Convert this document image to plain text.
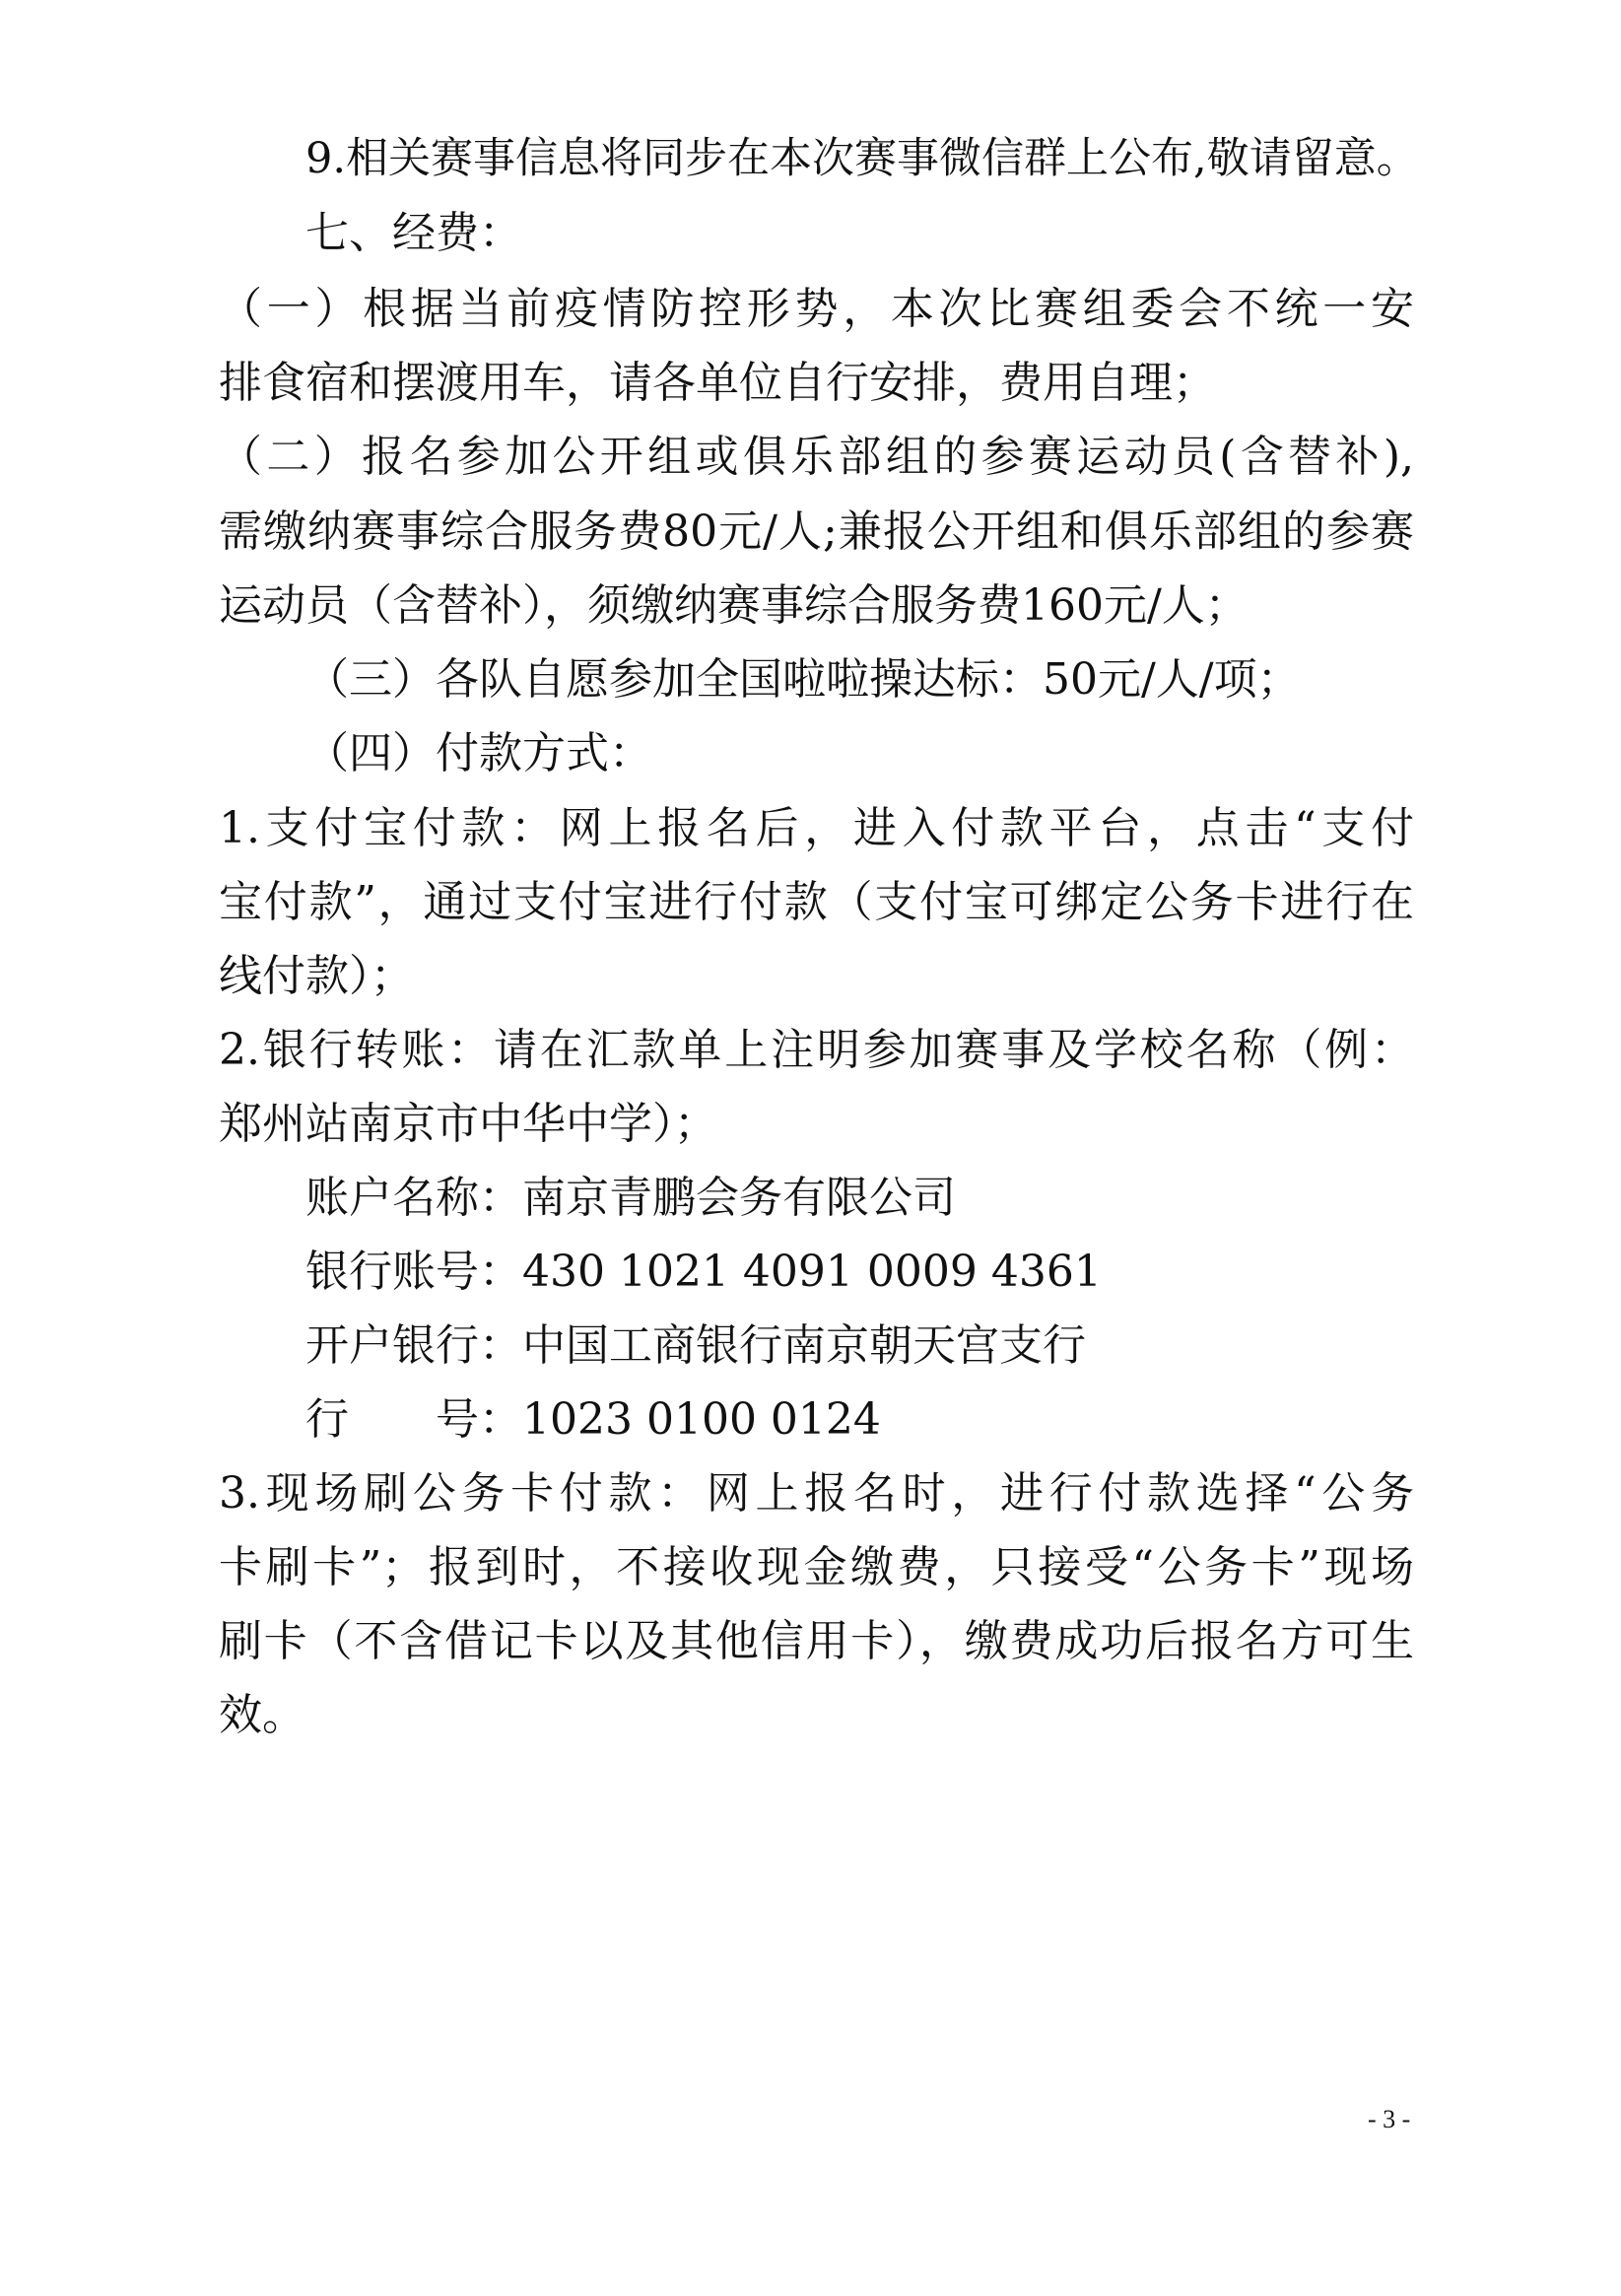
9.相关赛事信息将同步在本次赛事微信群上公布,敬请留意。
七、经费：
（一）根据当前疫情防控形势，本次比赛组委会不统一安
排食宿和摆渡用车，请各单位自行安排，费用自理；
（二）报名参加公开组或俱乐部组的参赛运动员(含替补),
需缴纳赛事综合服务费80元/人;兼报公开组和俱乐部组的参赛
运动员（含替补），须缴纳赛事综合服务费160元/人；
（三）各队自愿参加全国啦啦操达标：50元/人/项；
（四）付款方式：
1.支付宝付款：网上报名后，进入付款平台，点击“支付
宝付款”，通过支付宝进行付款（支付宝可绑定公务卡进行在
线付款）；
2.银行转账：请在汇款单上注明参加赛事及学校名称（例：
郑州站南京市中华中学）；
账户名称：南京青鹏会务有限公司
银行账号：430 1021 4091 0009 4361
开户银行：中国工商银行南京朝天宫支行
行　　号：1023 0100 0124
3.现场刷公务卡付款：网上报名时，进行付款选择“公务
卡刷卡”；报到时，不接收现金缴费，只接受“公务卡”现场
刷卡（不含借记卡以及其他信用卡），缴费成功后报名方可生
效。
- 3 -
